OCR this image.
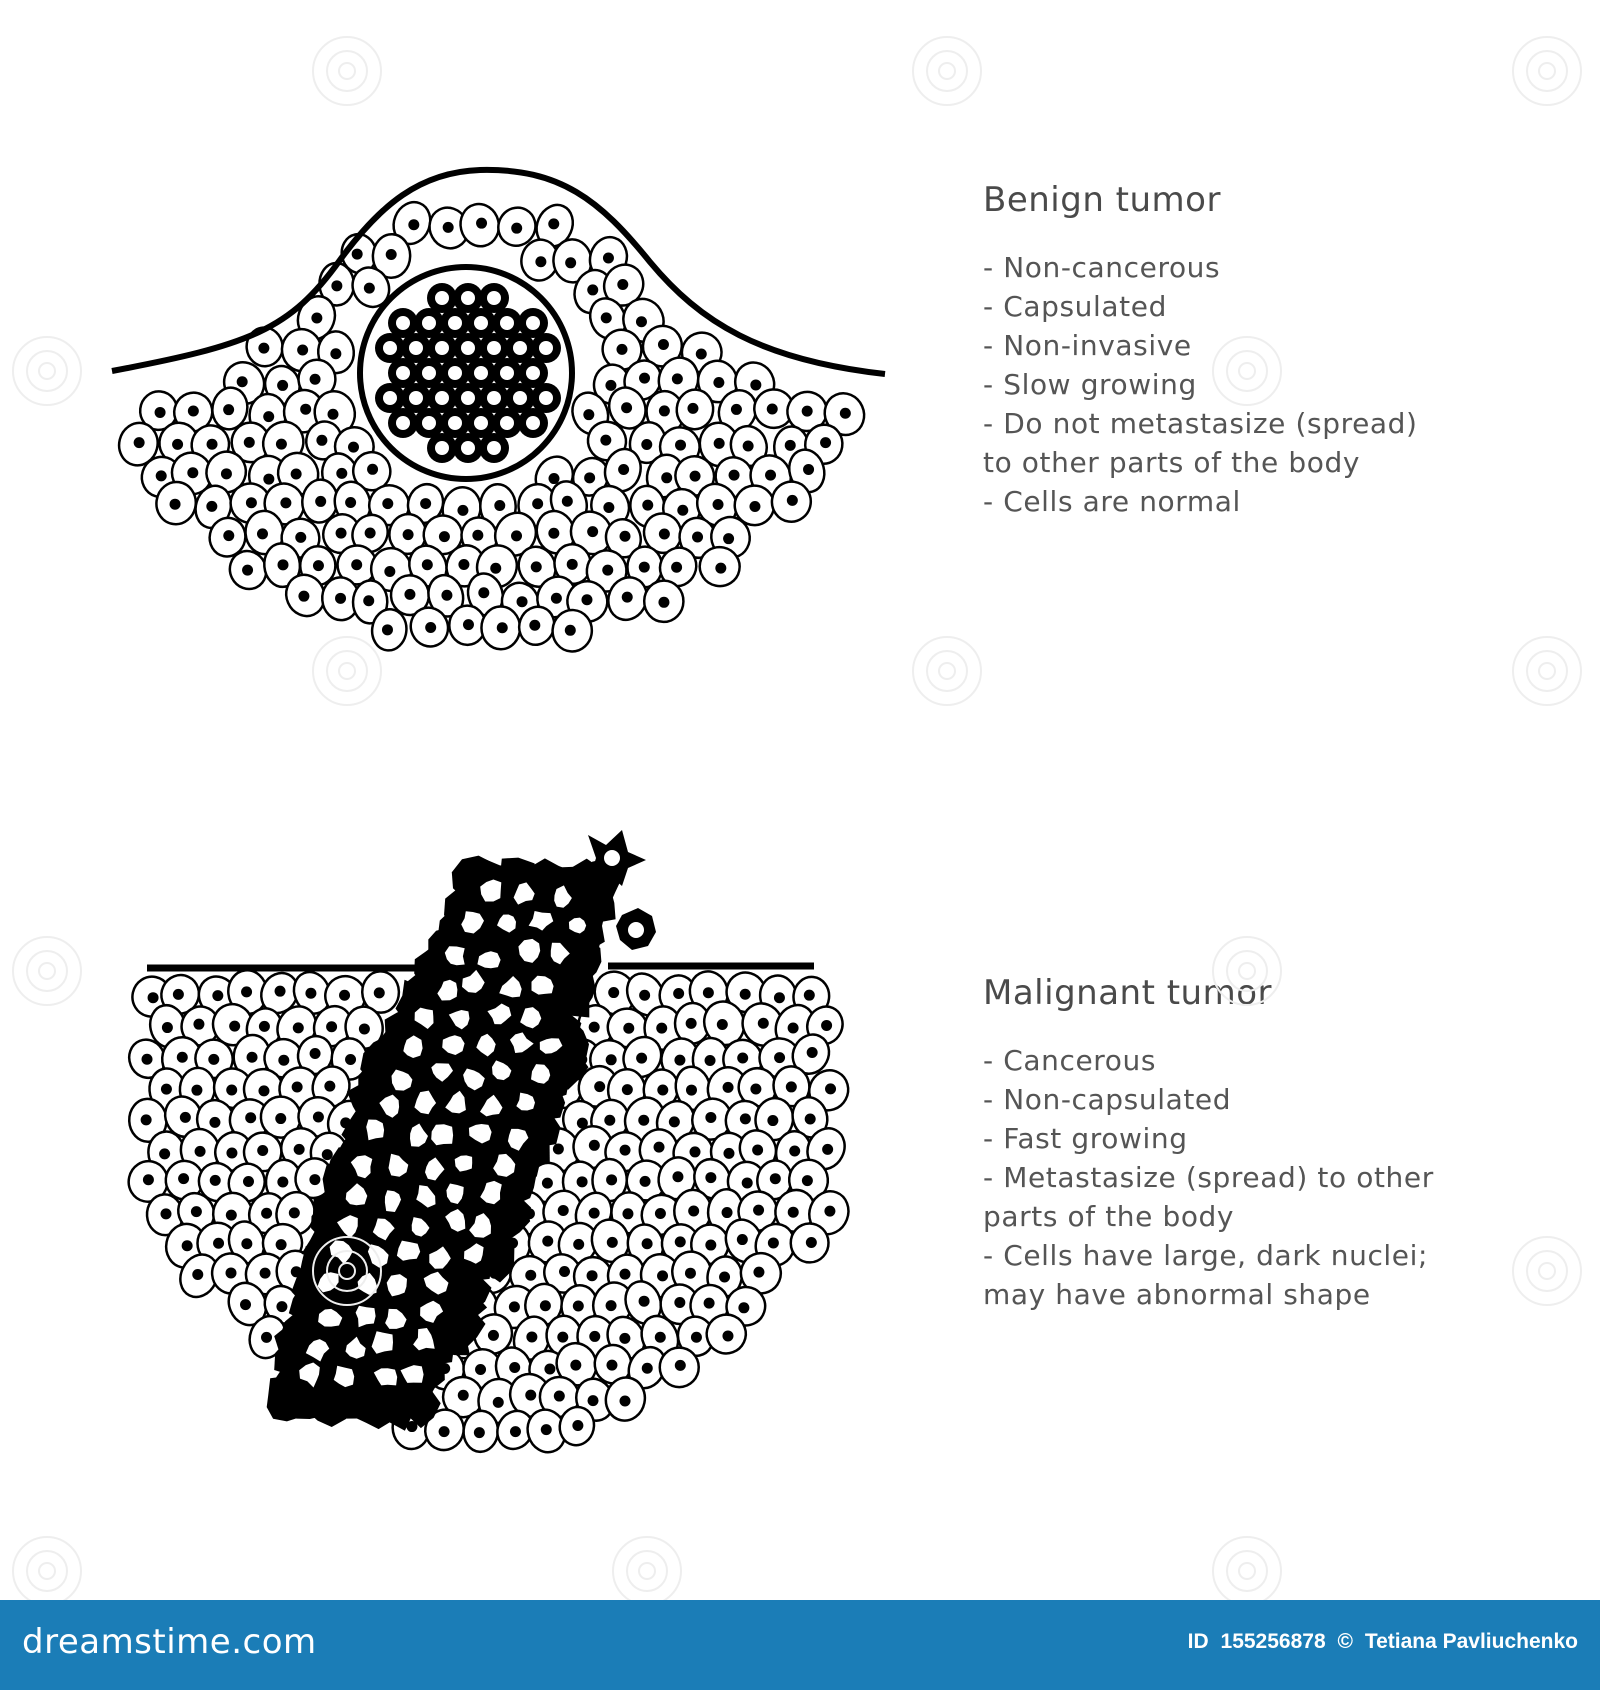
Benign tumor
- Non-cancerous
- Capsulated
- Non-invasive
- Slow growing
- Do not metastasize (spread)
to other parts of the body
- Cells are normal
Malignant tumor
- Cancerous
- Non-capsulated
- Fast growing
- Metastasize (spread) to other
parts of the body
- Cells have large, dark nuclei;
may have abnormal shape
dreamstime.com	ID 155256878 © Tetiana Pavliuchenko
